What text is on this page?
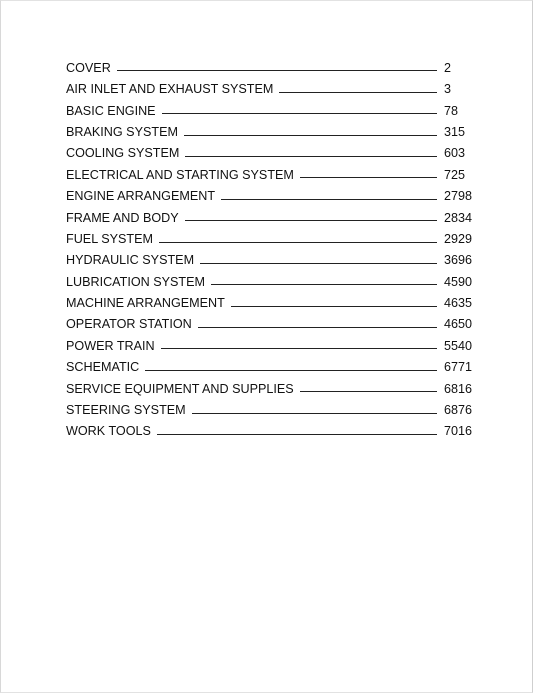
COVER	2
AIR INLET AND EXHAUST SYSTEM	3
BASIC ENGINE	78
BRAKING SYSTEM	315
COOLING SYSTEM	603
ELECTRICAL AND STARTING SYSTEM	725
ENGINE ARRANGEMENT	2798
FRAME AND BODY	2834
FUEL SYSTEM	2929
HYDRAULIC SYSTEM	3696
LUBRICATION SYSTEM	4590
MACHINE ARRANGEMENT	4635
OPERATOR STATION	4650
POWER TRAIN	5540
SCHEMATIC	6771
SERVICE EQUIPMENT AND SUPPLIES	6816
STEERING SYSTEM	6876
WORK TOOLS	7016
